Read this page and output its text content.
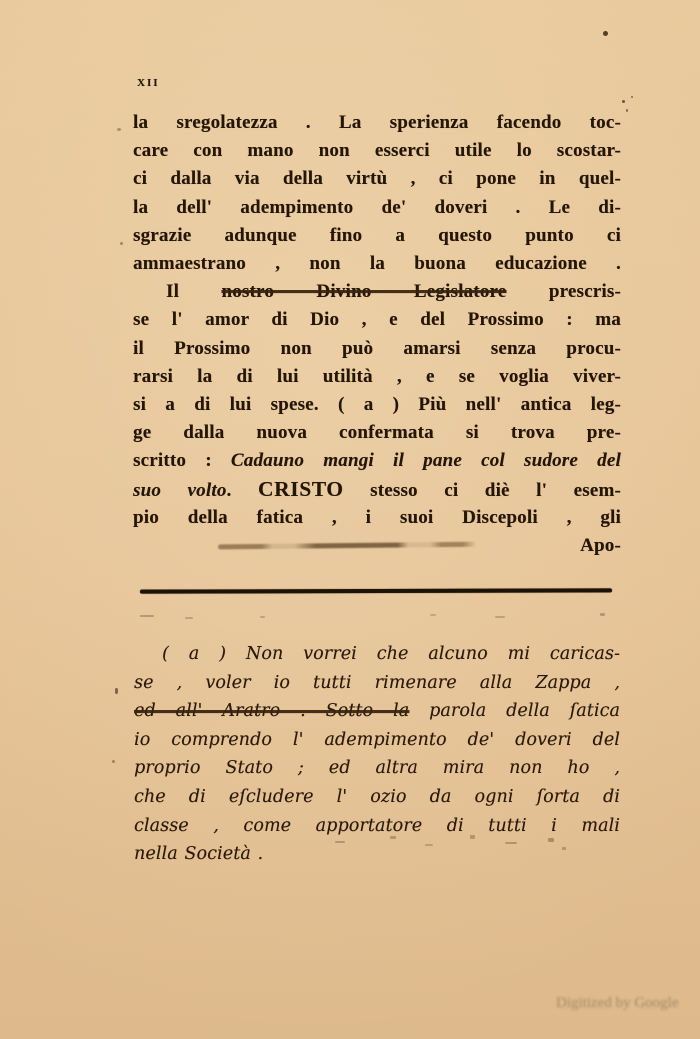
xii
la sregolatezza . La sperienza facendo toc-
care con mano non esserci utile lo scostar-
ci dalla via della virtù , ci pone in quel-
la dell' adempimento de' doveri . Le di-
sgrazie adunque fino a questo punto ci
ammaestrano , non la buona educazione .
Il nostro Divino Legislatore prescris-
se l' amor di Dio , e del Prossimo : ma
il Prossimo non può amarsi senza procu-
rarsi la di lui utilità , e se voglia viver-
si a di lui spese. ( a ) Più nell' antica leg-
ge dalla nuova confermata si trova pre-
scritto : Cadauno mangi il pane col sudore del
suo volto. CRISTO stesso ci diè l' esem-
pio della fatica , i suoi Discepoli , gli
Apo-
( a ) Non vorrei che alcuno mi caricas-
se , voler io tutti rimenare alla Zappa ,
ed all' Aratro . Sotto la parola della ſatica
io comprendo l' adempimento de' doveri del
proprio Stato ; ed altra mira non ho ,
che di eſcludere l' ozio da ogni ſorta di
classe , come apportatore di tutti i mali
nella Società .
Digitized by Google
